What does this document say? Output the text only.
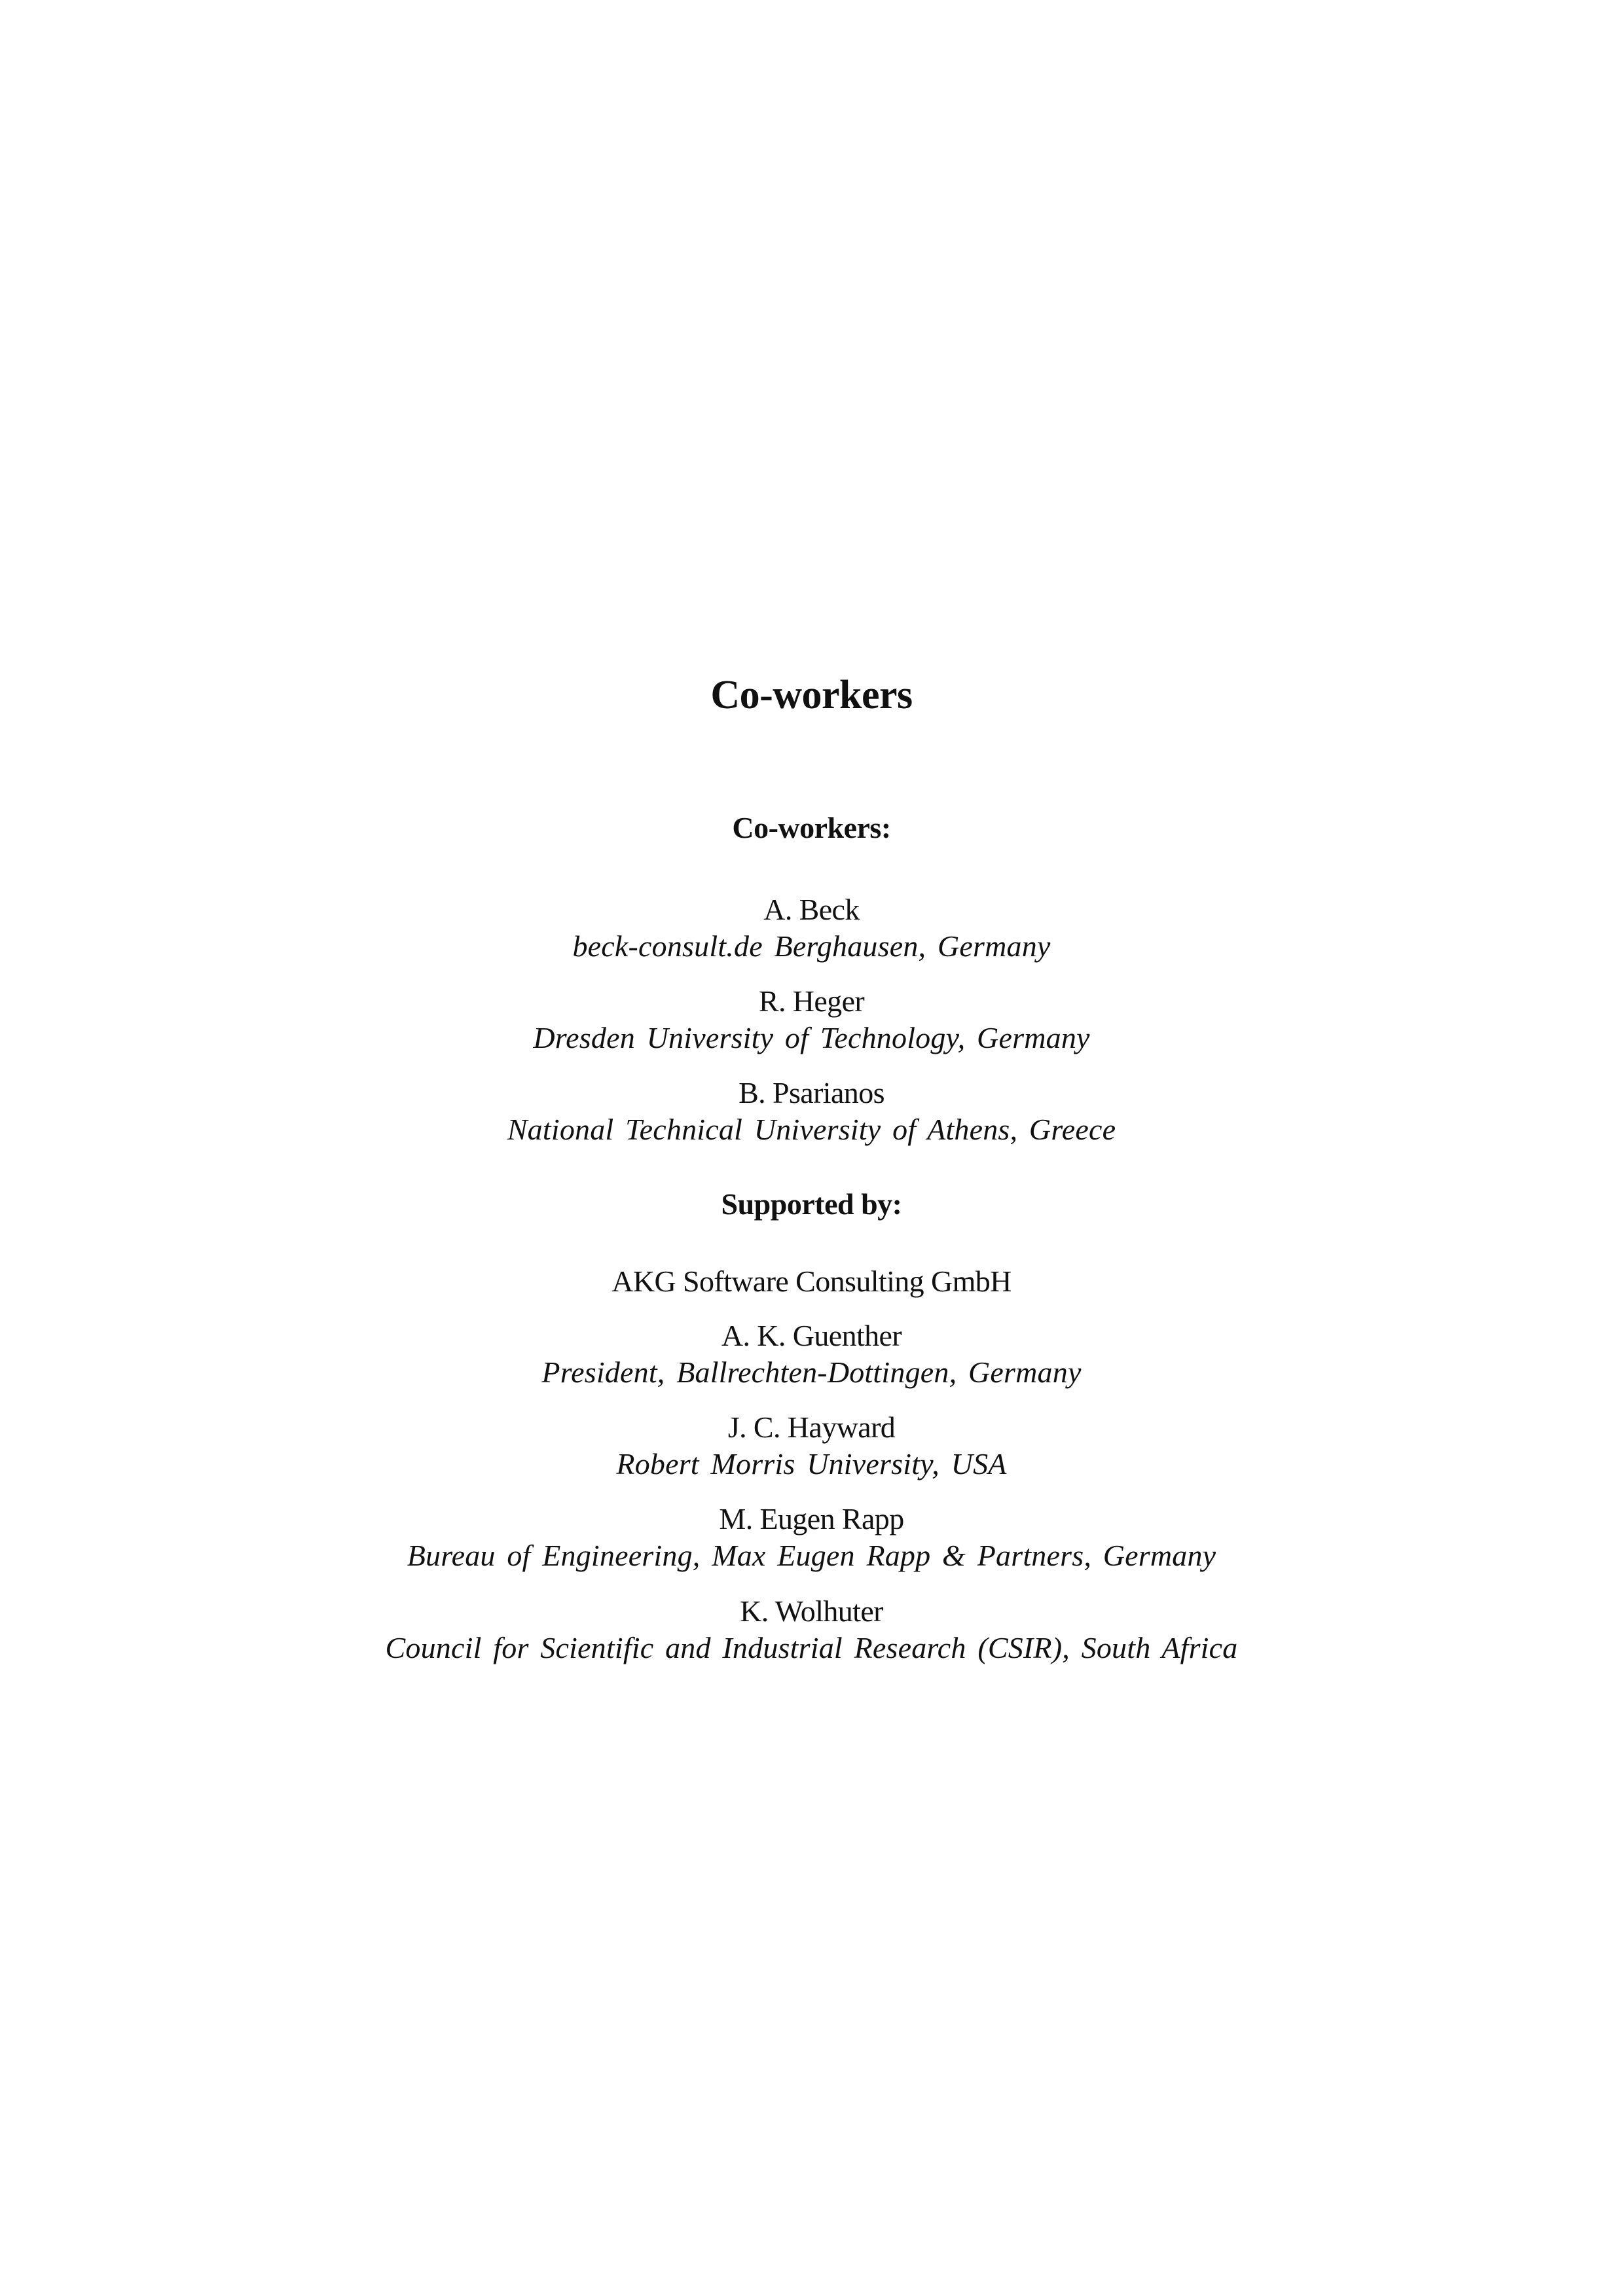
Co-workers
Co-workers:
A. Beck
beck-consult.de Berghausen, Germany
R. Heger
Dresden University of Technology, Germany
B. Psarianos
National Technical University of Athens, Greece
Supported by:
AKG Software Consulting GmbH
A. K. Guenther
President, Ballrechten-Dottingen, Germany
J. C. Hayward
Robert Morris University, USA
M. Eugen Rapp
Bureau of Engineering, Max Eugen Rapp & Partners, Germany
K. Wolhuter
Council for Scientific and Industrial Research (CSIR), South Africa
